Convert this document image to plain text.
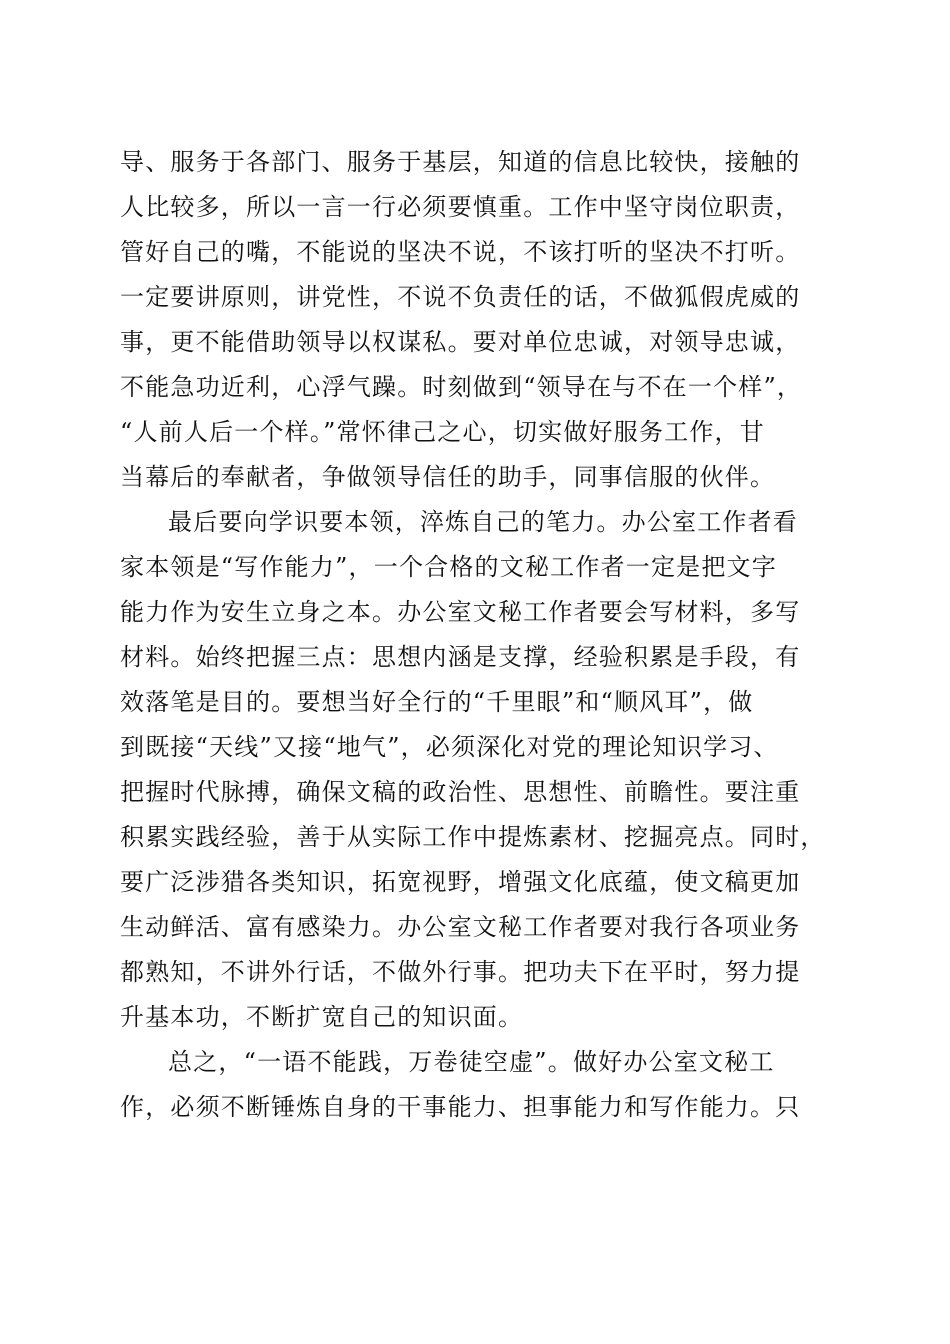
导、服务于各部门、服务于基层，知道的信息比较快，接触的
人比较多，所以一言一行必须要慎重。工作中坚守岗位职责，
管好自己的嘴，不能说的坚决不说，不该打听的坚决不打听。
一定要讲原则，讲党性，不说不负责任的话，不做狐假虎威的
事，更不能借助领导以权谋私。要对单位忠诚，对领导忠诚，
不能急功近利，心浮气躁。时刻做到“领导在与不在一个样”，
“人前人后一个样。”常怀律己之心，切实做好服务工作，甘
当幕后的奉献者，争做领导信任的助手，同事信服的伙伴。
最后要向学识要本领，淬炼自己的笔力。办公室工作者看
家本领是“写作能力”，一个合格的文秘工作者一定是把文字
能力作为安生立身之本。办公室文秘工作者要会写材料，多写
材料。始终把握三点：思想内涵是支撑，经验积累是手段，有
效落笔是目的。要想当好全行的“千里眼”和“顺风耳”，做
到既接“天线”又接“地气”，必须深化对党的理论知识学习、
把握时代脉搏，确保文稿的政治性、思想性、前瞻性。要注重
积累实践经验，善于从实际工作中提炼素材、挖掘亮点。同时，
要广泛涉猎各类知识，拓宽视野，增强文化底蕴，使文稿更加
生动鲜活、富有感染力。办公室文秘工作者要对我行各项业务
都熟知，不讲外行话，不做外行事。把功夫下在平时，努力提
升基本功，不断扩宽自己的知识面。
总之，“一语不能践，万卷徒空虚”。做好办公室文秘工
作，必须不断锤炼自身的干事能力、担事能力和写作能力。只
